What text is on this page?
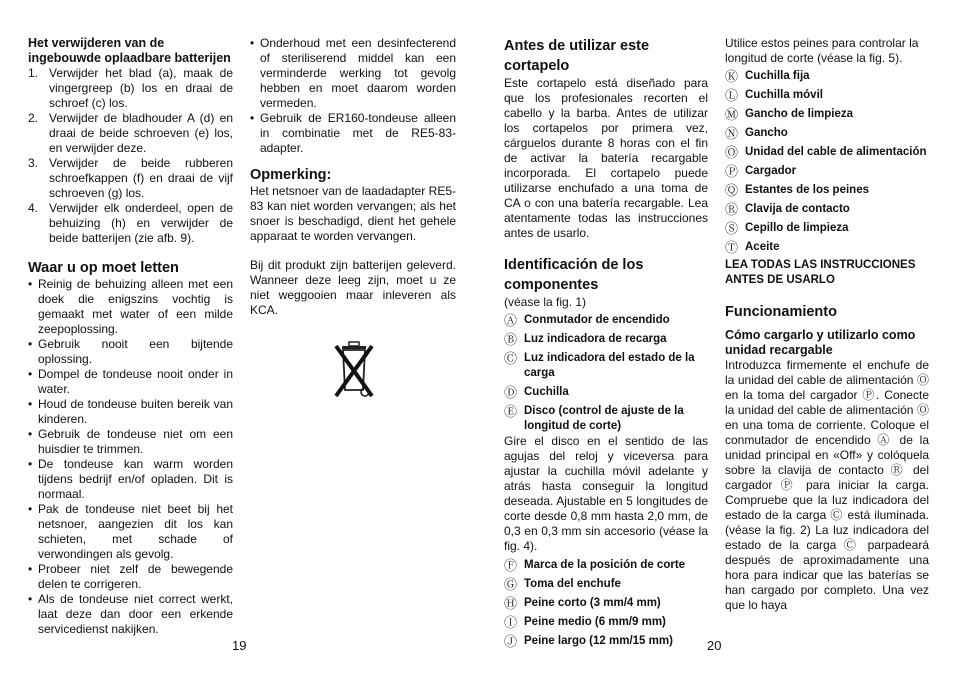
Het verwijderen van de ingebouwde oplaadbare batterijen
1. Verwijder het blad (a), maak de vingergreep (b) los en draai de schroef (c) los.
2. Verwijder de bladhouder A (d) en draai de beide schroeven (e) los, en verwijder deze.
3. Verwijder de beide rubberen schroefkappen (f) en draai de vijf schroeven (g) los.
4. Verwijder elk onderdeel, open de behuizing (h) en verwijder de beide batterijen (zie afb. 9).
Waar u op moet letten
• Reinig de behuizing alleen met een doek die enigszins vochtig is gemaakt met water of een milde zeepoplossing.
• Gebruik nooit een bijtende oplossing.
• Dompel de tondeuse nooit onder in water.
• Houd de tondeuse buiten bereik van kinderen.
• Gebruik de tondeuse niet om een huisdier te trimmen.
• De tondeuse kan warm worden tijdens bedrijf en/of opladen. Dit is normaal.
• Pak de tondeuse niet beet bij het netsnoer, aangezien dit los kan schieten, met schade of verwondingen als gevolg.
• Probeer niet zelf de bewegende delen te corrigeren.
• Als de tondeuse niet correct werkt, laat deze dan door een erkende servicedienst nakijken.
• Onderhoud met een desinfecterend of steriliserend middel kan een verminderde werking tot gevolg hebben en moet daarom worden vermeden.
• Gebruik de ER160-tondeuse alleen in combinatie met de RE5-83-adapter.
Opmerking:

Het netsnoer van de laadadapter RE5-83 kan niet worden vervangen; als het snoer is beschadigd, dient het gehele apparaat te worden vervangen.

Bij dit produkt zijn batterijen geleverd. Wanneer deze leeg zijn, moet u ze niet weggooien maar inleveren als KCA.

19
Antes de utilizar este cortapelo

Este cortapelo está diseñado para que los profesionales recorten el cabello y la barba. Antes de utilizar los cortapelos por primera vez, cárguelos durante 8 horas con el fin de activar la batería recargable incorporada. El cortapelo puede utilizarse enchufado a una toma de CA o con una batería recargable. Lea atentamente todas las instrucciones antes de usarlo.

Identificación de los componentes

(véase la fig. 1)

Ⓐ Conmutador de encendido
Ⓑ Luz indicadora de recarga
Ⓒ Luz indicadora del estado de la carga
Ⓓ Cuchilla
Ⓔ Disco (control de ajuste de la longitud de corte)

Gire el disco en el sentido de las agujas del reloj y viceversa para ajustar la cuchilla móvil adelante y atrás hasta conseguir la longitud deseada. Ajustable en 5 longitudes de corte desde 0,8 mm hasta 2,0 mm, de 0,3 en 0,3 mm sin accesorio (véase la fig. 4).

Ⓕ Marca de la posición de corte
Ⓖ Toma del enchufe
Ⓗ Peine corto (3 mm/4 mm)
Ⓘ Peine medio (6 mm/9 mm)
Ⓙ Peine largo (12 mm/15 mm)

Utilice estos peines para controlar la longitud de corte (véase la fig. 5).

Ⓚ Cuchilla fija
Ⓛ Cuchilla móvil
Ⓜ Gancho de limpieza
Ⓝ Gancho
Ⓞ Unidad del cable de alimentación
Ⓟ Cargador
Ⓠ Estantes de los peines
Ⓡ Clavija de contacto
Ⓢ Cepillo de limpieza
Ⓣ Aceite

LEA TODAS LAS INSTRUCCIONES ANTES DE USARLO

Funcionamiento
Cómo cargarlo y utilizarlo como unidad recargable

Introduzca firmemente el enchufe de la unidad del cable de alimentación Ⓞ en la toma del cargador Ⓟ. Conecte la unidad del cable de alimentación Ⓞ en una toma de corriente. Coloque el conmutador de encendido Ⓐ de la unidad principal en «Off» y colóquela sobre la clavija de contacto Ⓡ del cargador Ⓟ para iniciar la carga. Compruebe que la luz indicadora del estado de la carga Ⓒ está iluminada. (véase la fig. 2) La luz indicadora del estado de la carga Ⓒ parpadeará después de aproximadamente una hora para indicar que las baterías se han cargado por completo. Una vez que lo haya

20
